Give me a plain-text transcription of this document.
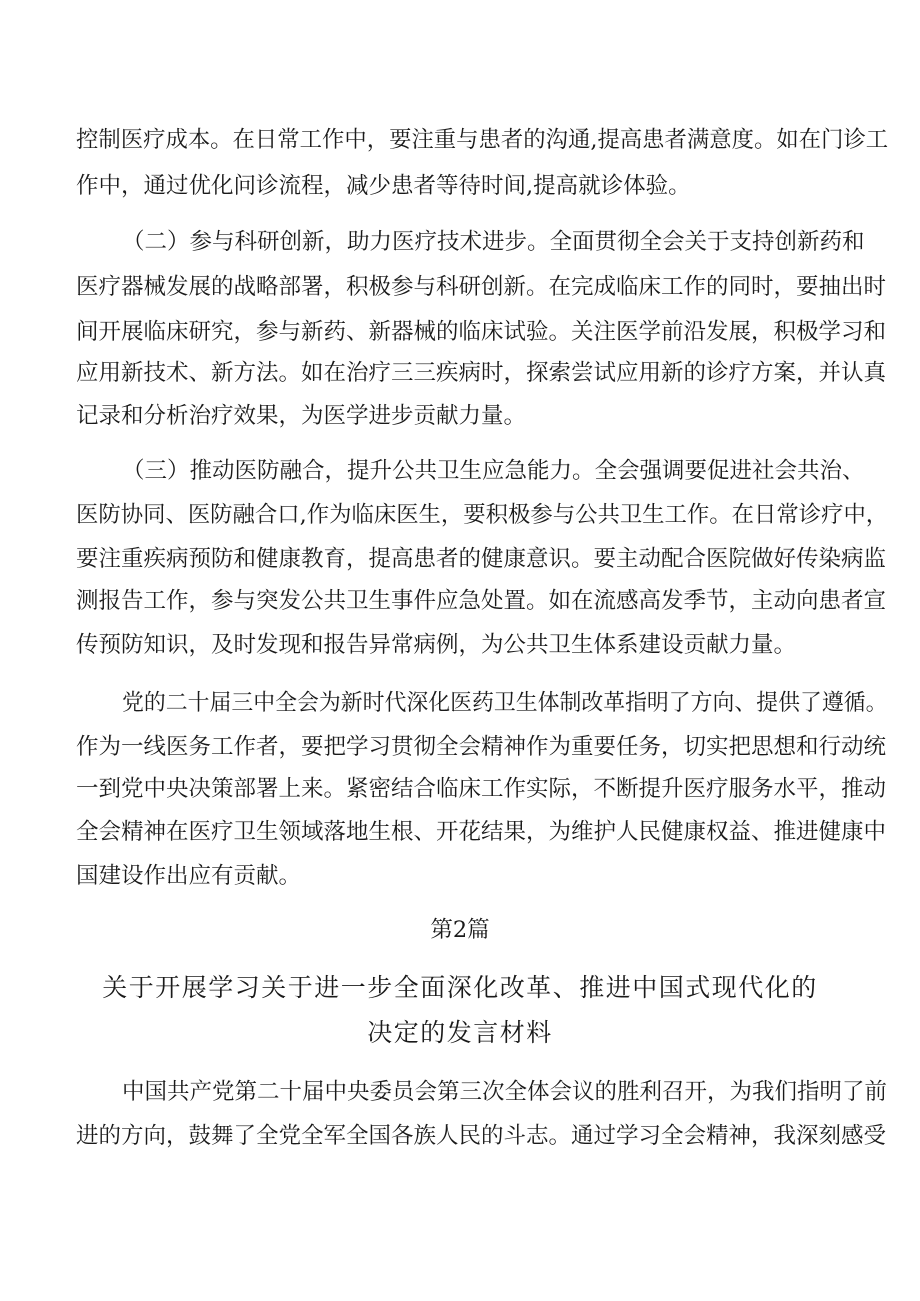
控制医疗成本。在日常工作中，要注重与患者的沟通,提高患者满意度。如在门诊工
作中，通过优化问诊流程，减少患者等待时间,提高就诊体验。
（二）参与科研创新，助力医疗技术进步。全面贯彻全会关于支持创新药和
医疗器械发展的战略部署，积极参与科研创新。在完成临床工作的同时，要抽出时
间开展临床研究，参与新药、新器械的临床试验。关注医学前沿发展，积极学习和
应用新技术、新方法。如在治疗三三疾病时，探索尝试应用新的诊疗方案，并认真
记录和分析治疗效果，为医学进步贡献力量。
（三）推动医防融合，提升公共卫生应急能力。全会强调要促进社会共治、
医防协同、医防融合口,作为临床医生，要积极参与公共卫生工作。在日常诊疗中，
要注重疾病预防和健康教育，提高患者的健康意识。要主动配合医院做好传染病监
测报告工作，参与突发公共卫生事件应急处置。如在流感高发季节，主动向患者宣
传预防知识，及时发现和报告异常病例，为公共卫生体系建设贡献力量。
党的二十届三中全会为新时代深化医药卫生体制改革指明了方向、提供了遵循。
作为一线医务工作者，要把学习贯彻全会精神作为重要任务，切实把思想和行动统
一到党中央决策部署上来。紧密结合临床工作实际，不断提升医疗服务水平，推动
全会精神在医疗卫生领域落地生根、开花结果，为维护人民健康权益、推进健康中
国建设作出应有贡献。
第2篇
关于开展学习关于进一步全面深化改革、推进中国式现代化的
决定的发言材料
中国共产党第二十届中央委员会第三次全体会议的胜利召开，为我们指明了前
进的方向，鼓舞了全党全军全国各族人民的斗志。通过学习全会精神，我深刻感受
